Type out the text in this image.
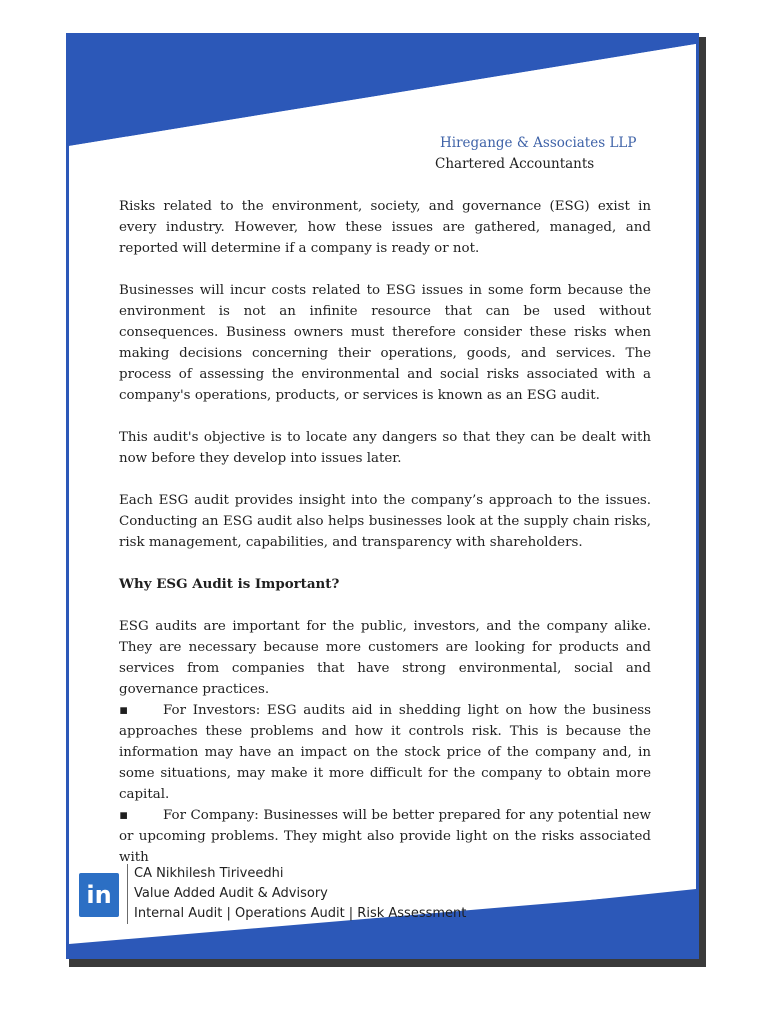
Hiregange & Associates LLP
Chartered Accountants

Risks related to the environment, society, and governance (ESG) exist in every industry. However, how these issues are gathered, managed, and reported will determine if a company is ready or not.

Businesses will incur costs related to ESG issues in some form because the environment is not an infinite resource that can be used without consequences. Business owners must therefore consider these risks when making decisions concerning their operations, goods, and services. The process of assessing the environmental and social risks associated with a company's operations, products, or services is known as an ESG audit.

This audit's objective is to locate any dangers so that they can be dealt with now before they develop into issues later.

Each ESG audit provides insight into the company’s approach to the issues. Conducting an ESG audit also helps businesses look at the supply chain risks, risk management, capabilities, and transparency with shareholders.

Why ESG Audit is Important?

ESG audits are important for the public, investors, and the company alike. They are necessary because more customers are looking for products and services from companies that have strong environmental, social and governance practices.

▪	For Investors: ESG audits aid in shedding light on how the business approaches these problems and how it controls risk. This is because the information may have an impact on the stock price of the company and, in some situations, may make it more difficult for the company to obtain more capital.
▪	For Company: Businesses will be better prepared for any potential new or upcoming problems. They might also provide light on the risks associated with
in
CA Nikhilesh Tiriveedhi
Value Added Audit & Advisory
Internal Audit | Operations Audit | Risk Assessment
